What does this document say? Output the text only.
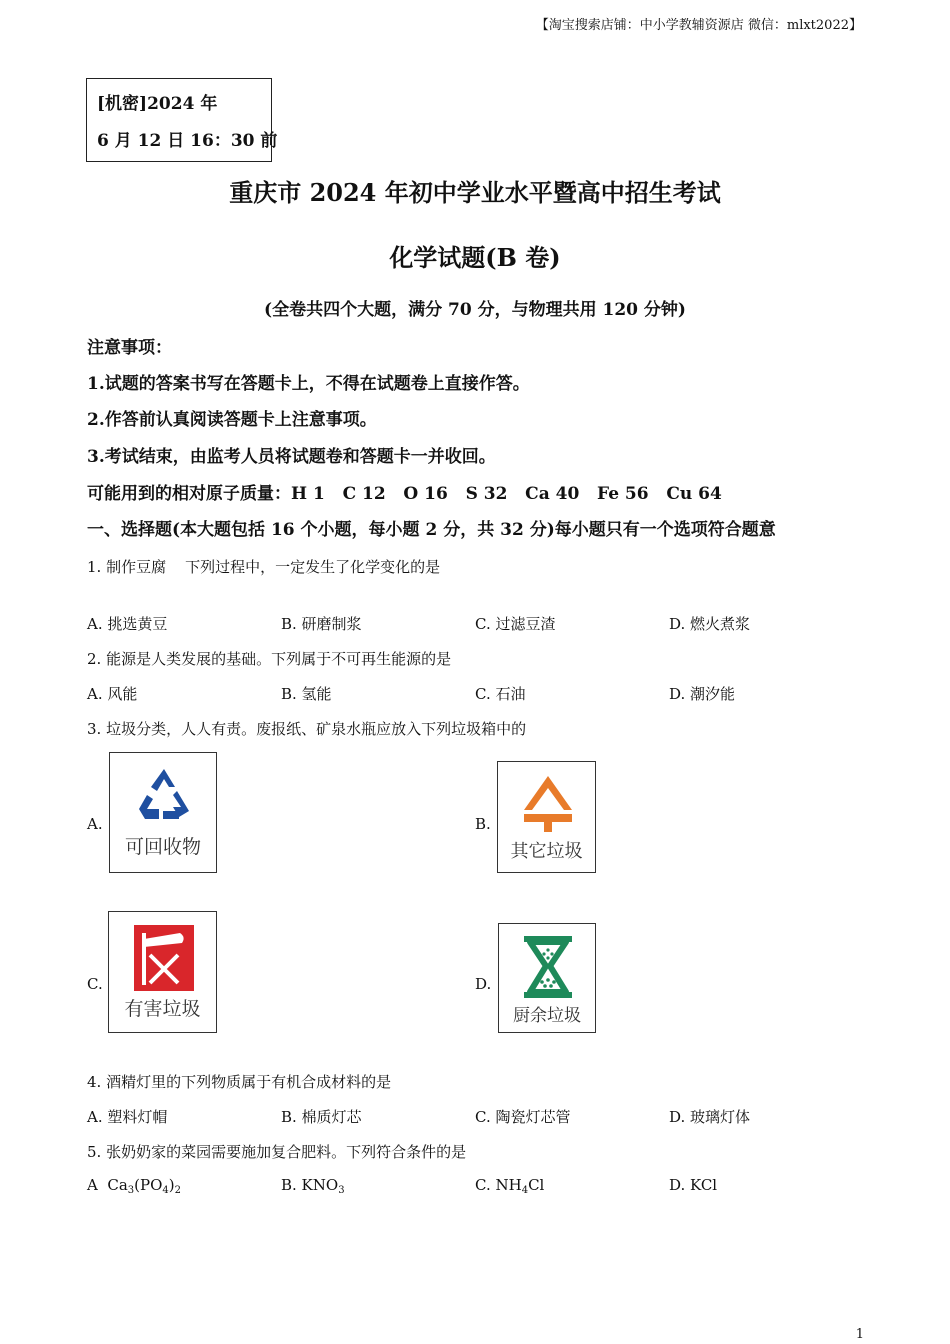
【淘宝搜索店铺：中小学教辅资源店 微信：mlxt2022】
[机密]2024 年
6 月 12 日 16：30 前
重庆市 2024 年初中学业水平暨高中招生考试
化学试题(B 卷)
(全卷共四个大题，满分 70 分，与物理共用 120 分钟)
注意事项：
1.试题的答案书写在答题卡上，不得在试题卷上直接作答。
2.作答前认真阅读答题卡上注意事项。
3.考试结束，由监考人员将试题卷和答题卡一并收回。
可能用到的相对原子质量：H 1   C 12   O 16   S 32   Ca 40   Fe 56   Cu 64
一、选择题(本大题包括 16 个小题，每小题 2 分，共 32 分)每小题只有一个选项符合题意
1. 制作豆腐    下列过程中，一定发生了化学变化的是
A. 挑选黄豆	B. 研磨制浆	C. 过滤豆渣	D. 燃火煮浆
2. 能源是人类发展的基础。下列属于不可再生能源的是
A. 风能	B. 氢能	C. 石油	D. 潮汐能
3. 垃圾分类，人人有责。废报纸、矿泉水瓶应放入下列垃圾箱中的
A.
可回收物
B.
其它垃圾
C.
有害垃圾
D.
厨余垃圾
4. 酒精灯里的下列物质属于有机合成材料的是
A. 塑料灯帽	B. 棉质灯芯	C. 陶瓷灯芯管	D. 玻璃灯体
5. 张奶奶家的菜园需要施加复合肥料。下列符合条件的是
A  $Ca_3(PO_4)_2$	B. $KNO_3$	C. $NH_4Cl$	D. KCl
1
